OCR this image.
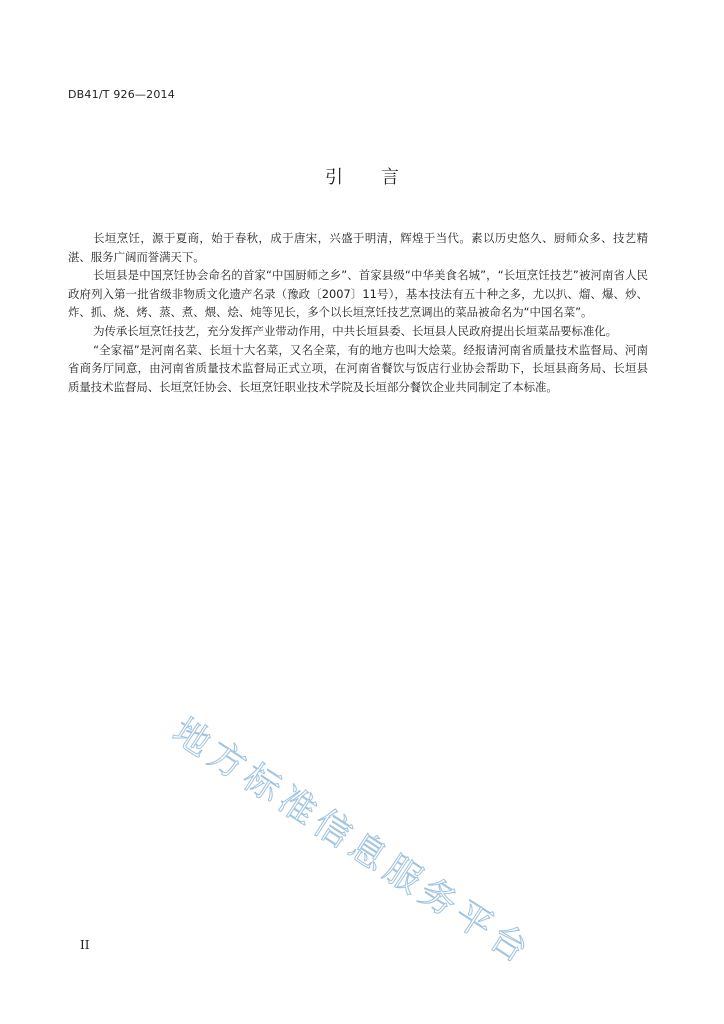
DB41/T 926—2014
引 言

长垣烹饪，源于夏商，始于春秋，成于唐宋，兴盛于明清，辉煌于当代。素以历史悠久、厨师众多、技艺精湛、服务广阔而誉满天下。

长垣县是中国烹饪协会命名的首家“中国厨师之乡”、首家县级“中华美食名城”，“长垣烹饪技艺”被河南省人民政府列入第一批省级非物质文化遗产名录（豫政〔2007〕11号），基本技法有五十种之多，尤以扒、熘、爆、炒、炸、抓、烧、烤、蒸、煮、煨、烩、炖等见长，多个以长垣烹饪技艺烹调出的菜品被命名为“中国名菜”。

为传承长垣烹饪技艺，充分发挥产业带动作用，中共长垣县委、长垣县人民政府提出长垣菜品要标准化。

“全家福”是河南名菜、长垣十大名菜，又名全菜，有的地方也叫大烩菜。经报请河南省质量技术监督局、河南省商务厅同意，由河南省质量技术监督局正式立项，在河南省餐饮与饭店行业协会帮助下，长垣县商务局、长垣县质量技术监督局、长垣烹饪协会、长垣烹饪职业技术学院及长垣部分餐饮企业共同制定了本标准。

地方标准信息服务平台
II
